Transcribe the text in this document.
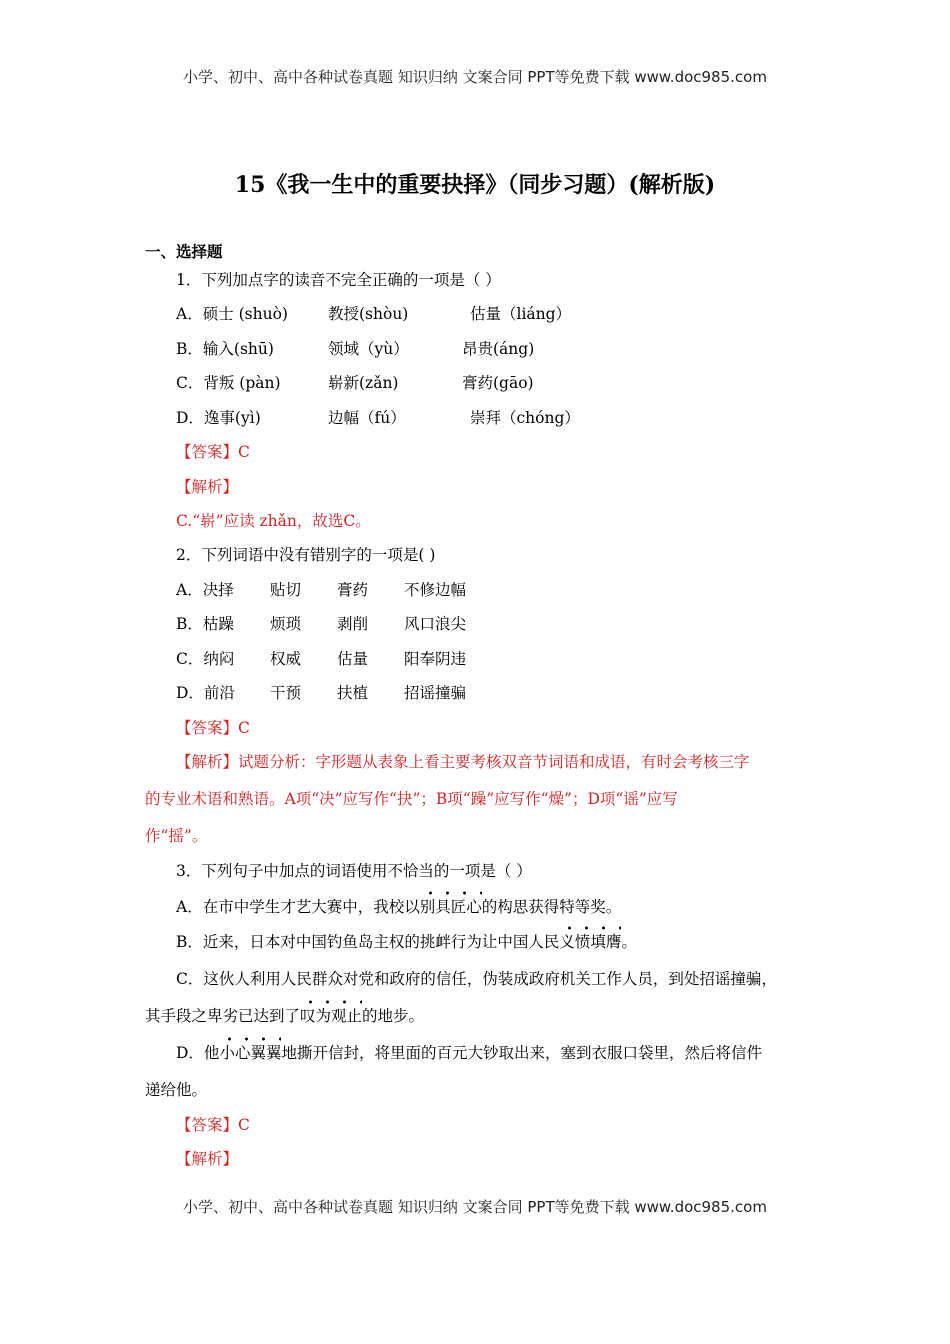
小学、初中、高中各种试卷真题 知识归纳 文案合同 PPT等免费下载 www.doc985.com
15《我一生中的重要抉择》（同步习题）(解析版)
一、选择题
1．下列加点字的读音不完全正确的一项是（ ）
A．硕士 (shuò)	教授(shòu)	估量（liáng）
B．输入(shū)	领域（yù）	昂贵(áng)
C．背叛 (pàn)	崭新(zǎn)	膏药(gāo)
D．逸事(yì)	边幅（fú）	崇拜（chóng）
【答案】C
【解析】
C.“崭”应读 zhǎn，故选C。
2．下列词语中没有错别字的一项是( )
A．决择 贴切 膏药 不修边幅
B．枯躁 烦琐 剥削 风口浪尖
C．纳闷 权威 估量 阳奉阴违
D．前沿 干预 扶植 招谣撞骗
【答案】C
【解析】试题分析：字形题从表象上看主要考核双音节词语和成语，有时会考核三字
的专业术语和熟语。A项“决”应写作“抉”；B项“躁”应写作“燥”；D项“谣”应写
作“摇”。
3．下列句子中加点的词语使用不恰当的一项是（ ）
A．在市中学生才艺大赛中，我校以别具匠心的构思获得特等奖。
B．近来，日本对中国钓鱼岛主权的挑衅行为让中国人民义愤填膺。
C．这伙人利用人民群众对党和政府的信任，伪装成政府机关工作人员，到处招谣撞骗，
其手段之卑劣已达到了叹为观止的地步。
D．他小心翼翼地撕开信封，将里面的百元大钞取出来，塞到衣服口袋里，然后将信件
递给他。
【答案】C
【解析】
小学、初中、高中各种试卷真题 知识归纳 文案合同 PPT等免费下载 www.doc985.com
